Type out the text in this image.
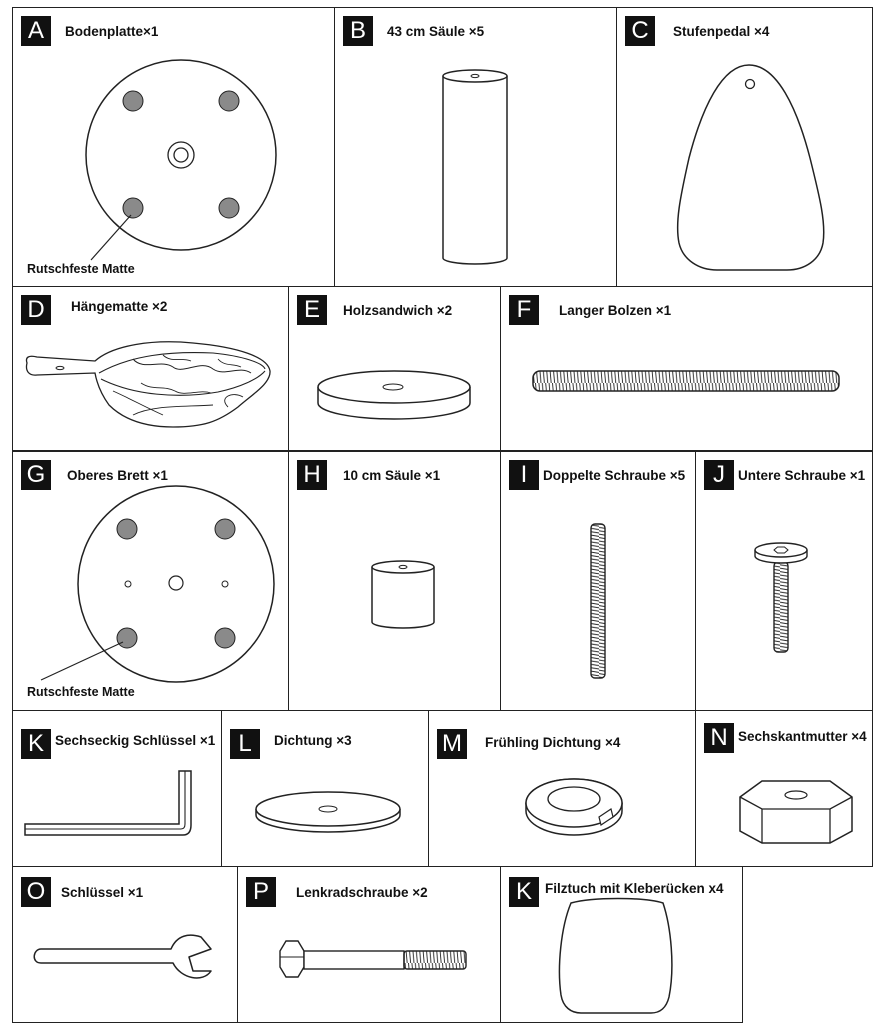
A	Bodenplatte×1
Rutschfeste Matte
B	43 cm Säule ×5	C	Stufenpedal ×4
D	Hängematte ×2	E	Holzsandwich ×2	F	Langer Bolzen ×1
G	Oberes Brett ×1
Rutschfeste Matte
H	10 cm Säule ×1	I	Doppelte Schraube ×5	J Untere Schraube ×1
K Sechseckig Schlüssel ×1 L	Dichtung ×3	M	Frühling Dichtung ×4	N Sechskantmutter ×4
O	Schlüssel ×1	P	Lenkradschraube ×2	K Filztuch mit Kleberücken x4
